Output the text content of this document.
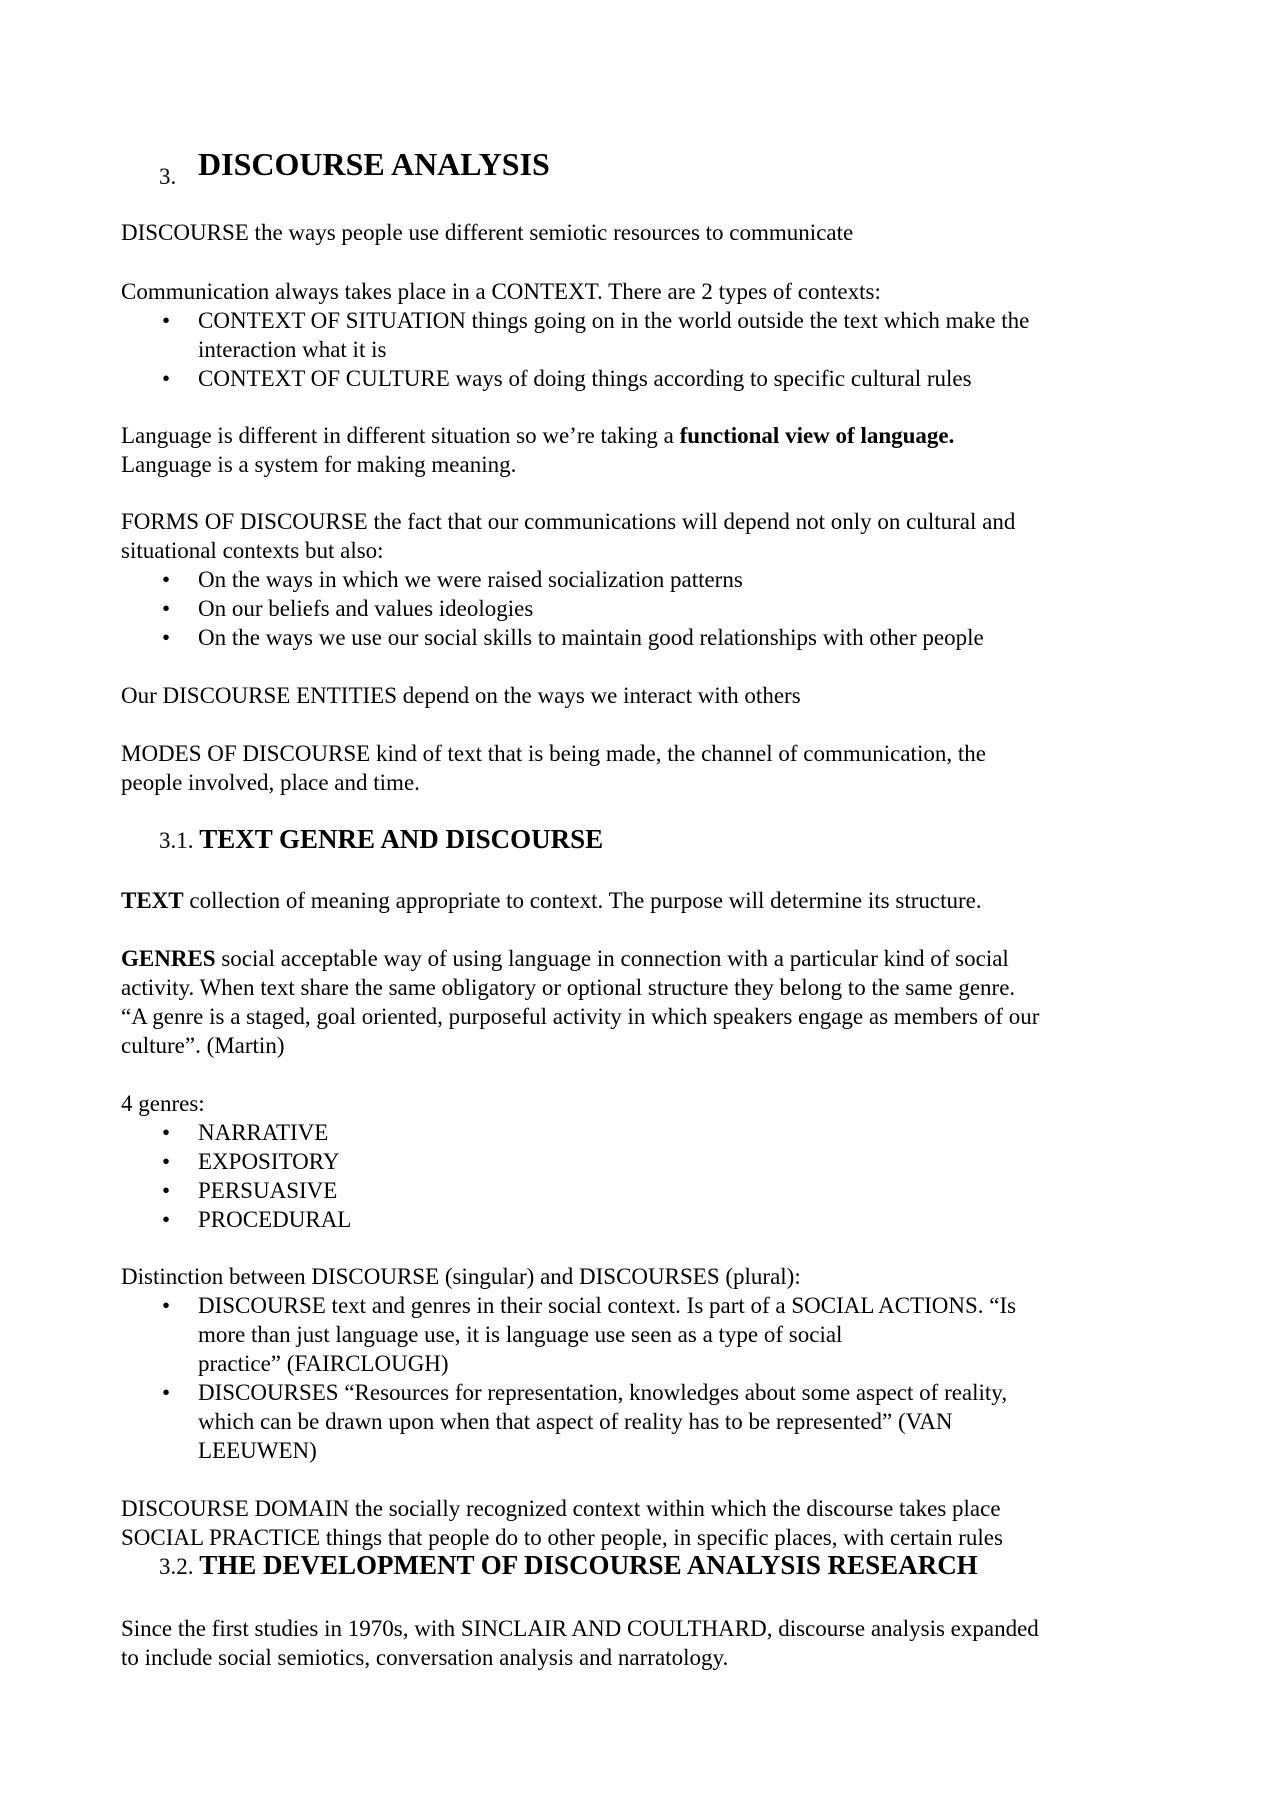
3. DISCOURSE ANALYSIS
DISCOURSE the ways people use different semiotic resources to communicate
Communication always takes place in a CONTEXT. There are 2 types of contexts:
• CONTEXT OF SITUATION things going on in the world outside the text which make the
interaction what it is
• CONTEXT OF CULTURE ways of doing things according to specific cultural rules
Language is different in different situation so we’re taking a functional view of language.
Language is a system for making meaning.
FORMS OF DISCOURSE the fact that our communications will depend not only on cultural and
situational contexts but also:
• On the ways in which we were raised socialization patterns
• On our beliefs and values ideologies
• On the ways we use our social skills to maintain good relationships with other people
Our DISCOURSE ENTITIES depend on the ways we interact with others
MODES OF DISCOURSE kind of text that is being made, the channel of communication, the
people involved, place and time.
3.1. TEXT GENRE AND DISCOURSE
TEXT collection of meaning appropriate to context. The purpose will determine its structure.
GENRES social acceptable way of using language in connection with a particular kind of social
activity. When text share the same obligatory or optional structure they belong to the same genre.
“A genre is a staged, goal oriented, purposeful activity in which speakers engage as members of our
culture”. (Martin)
4 genres:
• NARRATIVE
• EXPOSITORY
• PERSUASIVE
• PROCEDURAL
Distinction between DISCOURSE (singular) and DISCOURSES (plural):
• DISCOURSE text and genres in their social context. Is part of a SOCIAL ACTIONS. “Is
more than just language use, it is language use seen as a type of social
practice” (FAIRCLOUGH)
• DISCOURSES “Resources for representation, knowledges about some aspect of reality,
which can be drawn upon when that aspect of reality has to be represented” (VAN
LEEUWEN)
DISCOURSE DOMAIN the socially recognized context within which the discourse takes place
SOCIAL PRACTICE things that people do to other people, in specific places, with certain rules
3.2. THE DEVELOPMENT OF DISCOURSE ANALYSIS RESEARCH
Since the first studies in 1970s, with SINCLAIR AND COULTHARD, discourse analysis expanded
to include social semiotics, conversation analysis and narratology.
